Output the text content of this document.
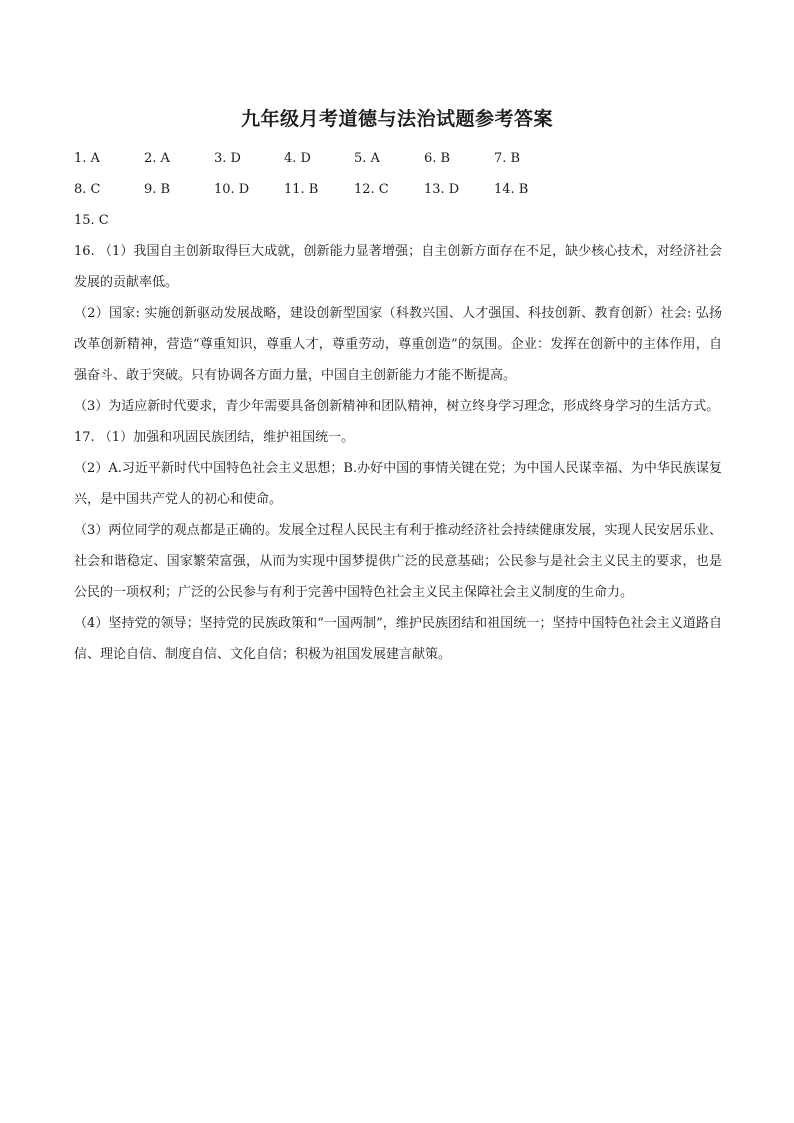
九年级月考道德与法治试题参考答案
1. A	2. A	3. D	4. D	5. A	6. B	7. B
8. C	9. B	10. D	11. B	12. C	13. D	14. B
15. C

16. （1）我国自主创新取得巨大成就，创新能力显著增强；自主创新方面存在不足，缺少核心技术，对经济社会发展的贡献率低。

（2）国家: 实施创新驱动发展战略，建设创新型国家（科教兴国、人才强国、科技创新、教育创新）社会: 弘扬改革创新精神，营造“尊重知识，尊重人才，尊重劳动，尊重创造”的氛围。企业：发挥在创新中的主体作用，自强奋斗、敢于突破。只有协调各方面力量，中国自主创新能力才能不断提高。

（3）为适应新时代要求，青少年需要具备创新精神和团队精神，树立终身学习理念，形成终身学习的生活方式。

17. （1）加强和巩固民族团结，维护祖国统一。

（2）A.习近平新时代中国特色社会主义思想；B.办好中国的事情关键在党；为中国人民谋幸福、为中华民族谋复兴，是中国共产党人的初心和使命。

（3）两位同学的观点都是正确的。发展全过程人民民主有利于推动经济社会持续健康发展，实现人民安居乐业、社会和谐稳定、国家繁荣富强，从而为实现中国梦提供广泛的民意基础；公民参与是社会主义民主的要求，也是公民的一项权利；广泛的公民参与有利于完善中国特色社会主义民主保障社会主义制度的生命力。

（4）坚持党的领导；坚持党的民族政策和“一国两制”，维护民族团结和祖国统一；坚持中国特色社会主义道路自信、理论自信、制度自信、文化自信；积极为祖国发展建言献策。
